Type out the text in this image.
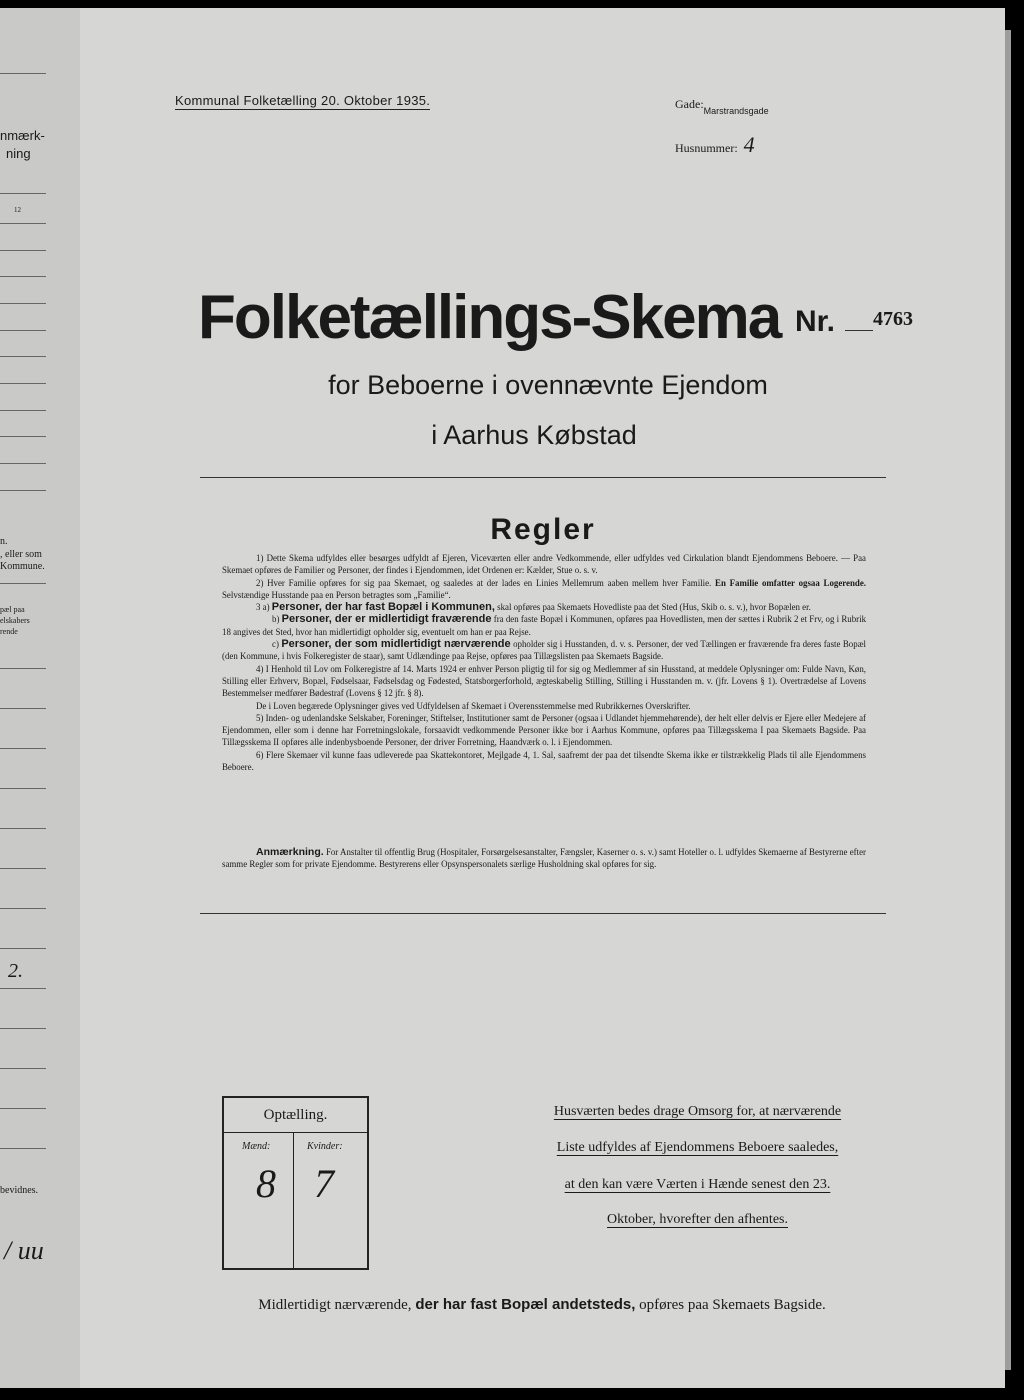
nmærk-
ning
12
n.
, eller som
Kommune.
pæl paa
elskabers
rende
2.
bevidnes.
/ uu
Kommunal Folketælling 20. Oktober 1935.	$Gade:_{Marstrandsgade}$
Husnummer: 4
Folketællings-Skema Nr. 4763
for Beboerne i ovennævnte Ejendom
i Aarhus Købstad
Regler

1) Dette Skema udfyldes eller besørges udfyldt af Ejeren, Viceværten eller andre Vedkommende, eller udfyldes ved Cirkulation blandt Ejendommens Beboere. — Paa Skemaet opføres de Familier og Personer, der findes i Ejendommen, idet Ordenen er: Kælder, Stue o. s. v.

2) Hver Familie opføres for sig paa Skemaet, og saaledes at der lades en Linies Mellemrum aaben mellem hver Familie. En Familie omfatter ogsaa Logerende. Selvstændige Husstande paa en Person betragtes som „Familie“.

3 a) Personer, der har fast Bopæl i Kommunen, skal opføres paa Skemaets Hovedliste paa det Sted (Hus, Skib o. s. v.), hvor Bopælen er.

b) Personer, der er midlertidigt fraværende fra den faste Bopæl i Kommunen, opføres paa Hovedlisten, men der sættes i Rubrik 2 et Frv, og i Rubrik 18 angives det Sted, hvor han midlertidigt opholder sig, eventuelt om han er paa Rejse.

c) Personer, der som midlertidigt nærværende opholder sig i Husstanden, d. v. s. Personer, der ved Tællingen er fraværende fra deres faste Bopæl (den Kommune, i hvis Folkeregister de staar), samt Udlændinge paa Rejse, opføres paa Tillægslisten paa Skemaets Bagside.

4) I Henhold til Lov om Folkeregistre af 14. Marts 1924 er enhver Person pligtig til for sig og Medlemmer af sin Husstand, at meddele Oplysninger om: Fulde Navn, Køn, Stilling eller Erhverv, Bopæl, Fødselsaar, Fødselsdag og Fødested, Statsborgerforhold, ægteskabelig Stilling, Stilling i Husstanden m. v. (jfr. Lovens § 1). Overtrædelse af Lovens Bestemmelser medfører Bødestraf (Lovens § 12 jfr. § 8).

De i Loven begærede Oplysninger gives ved Udfyldelsen af Skemaet i Overensstemmelse med Rubrikkernes Overskrifter.

5) Inden- og udenlandske Selskaber, Foreninger, Stiftelser, Institutioner samt de Personer (ogsaa i Udlandet hjemmehørende), der helt eller delvis er Ejere eller Medejere af Ejendommen, eller som i denne har Forretningslokale, forsaavidt vedkommende Personer ikke bor i Aarhus Kommune, opføres paa Tillægsskema I paa Skemaets Bagside. Paa Tillægsskema II opføres alle indenbysboende Personer, der driver Forretning, Haandværk o. l. i Ejendommen.

6) Flere Skemaer vil kunne faas udleverede paa Skattekontoret, Mejlgade 4, 1. Sal, saafremt der paa det tilsendte Skema ikke er tilstrækkelig Plads til alle Ejendommens Beboere.

Anmærkning. For Anstalter til offentlig Brug (Hospitaler, Forsørgelsesanstalter, Fængsler, Kaserner o. s. v.) samt Hoteller o. l. udfyldes Skemaerne af Bestyrerne efter samme Regler som for private Ejendomme. Bestyrerens eller Opsynspersonalets særlige Husholdning skal opføres for sig.

Optælling.
Mænd:	Kvinder:
8 7
Husværten bedes drage Omsorg for, at nærværende
Liste udfyldes af Ejendommens Beboere saaledes,
at den kan være Værten i Hænde senest den 23.
Oktober, hvorefter den afhentes.
Midlertidigt nærværende, der har fast Bopæl andetsteds, opføres paa Skemaets Bagside.
